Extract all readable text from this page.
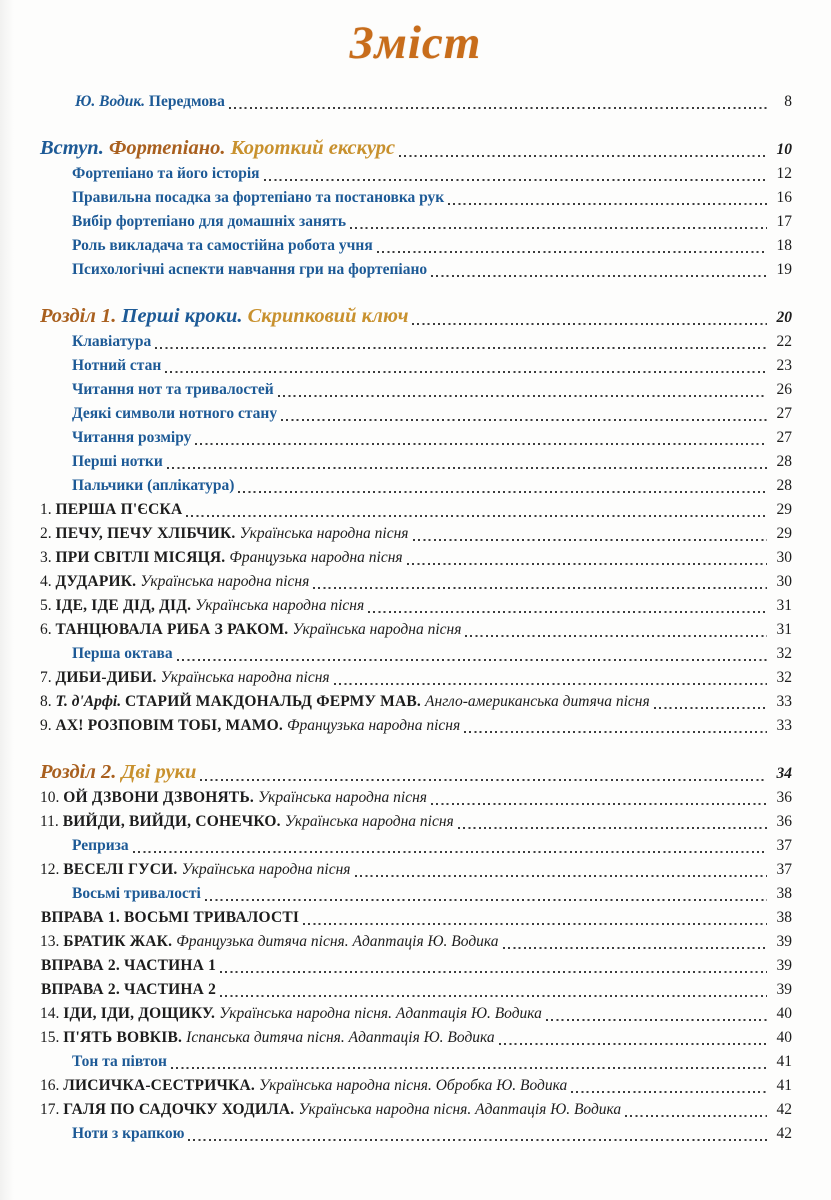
Зміст
Ю. Водик. Передмова	8
Вступ. Фортепіано. Короткий екскурс	10
Фортепіано та його історія	12
Правильна посадка за фортепіано та постановка рук	16
Вибір фортепіано для домашніх занять	17
Роль викладача та самостійна робота учня	18
Психологічні аспекти навчання гри на фортепіано	19
Розділ 1. Перші кроки. Скрипковий ключ	20
Клавіатура	22
Нотний стан	23
Читання нот та тривалостей	26
Деякі символи нотного стану	27
Читання розміру	27
Перші нотки	28
Пальчики (аплікатура)	28
1. ПЕРША П'ЄСКА	29
2. ПЕЧУ, ПЕЧУ ХЛІБЧИК. Українська народна пісня	29
3. ПРИ СВІТЛІ МІСЯЦЯ. Французька народна пісня	30
4. ДУДАРИК. Українська народна пісня	30
5. ІДЕ, ІДЕ ДІД, ДІД. Українська народна пісня	31
6. ТАНЦЮВАЛА РИБА З РАКОМ. Українська народна пісня	31
Перша октава	32
7. ДИБИ-ДИБИ. Українська народна пісня	32
8. Т. д'Арфі. СТАРИЙ МАКДОНАЛЬД ФЕРМУ МАВ. Англо-американська дитяча пісня	33
9. АХ! РОЗПОВІМ ТОБІ, МАМО. Французька народна пісня	33
Розділ 2. Дві руки	34
10. ОЙ ДЗВОНИ ДЗВОНЯТЬ. Українська народна пісня	36
11. ВИЙДИ, ВИЙДИ, СОНЕЧКО. Українська народна пісня	36
Реприза	37
12. ВЕСЕЛІ ГУСИ. Українська народна пісня	37
Восьмі тривалості	38
ВПРАВА 1. ВОСЬМІ ТРИВАЛОСТІ	38
13. БРАТИК ЖАК. Французька дитяча пісня. Адаптація Ю. Водика	39
ВПРАВА 2. ЧАСТИНА 1	39
ВПРАВА 2. ЧАСТИНА 2	39
14. ІДИ, ІДИ, ДОЩИКУ. Українська народна пісня. Адаптація Ю. Водика	40
15. П'ЯТЬ ВОВКІВ. Іспанська дитяча пісня. Адаптація Ю. Водика	40
Тон та півтон	41
16. ЛИСИЧКА-СЕСТРИЧКА. Українська народна пісня. Обробка Ю. Водика	41
17. ГАЛЯ ПО САДОЧКУ ХОДИЛА. Українська народна пісня. Адаптація Ю. Водика	42
Ноти з крапкою	42
